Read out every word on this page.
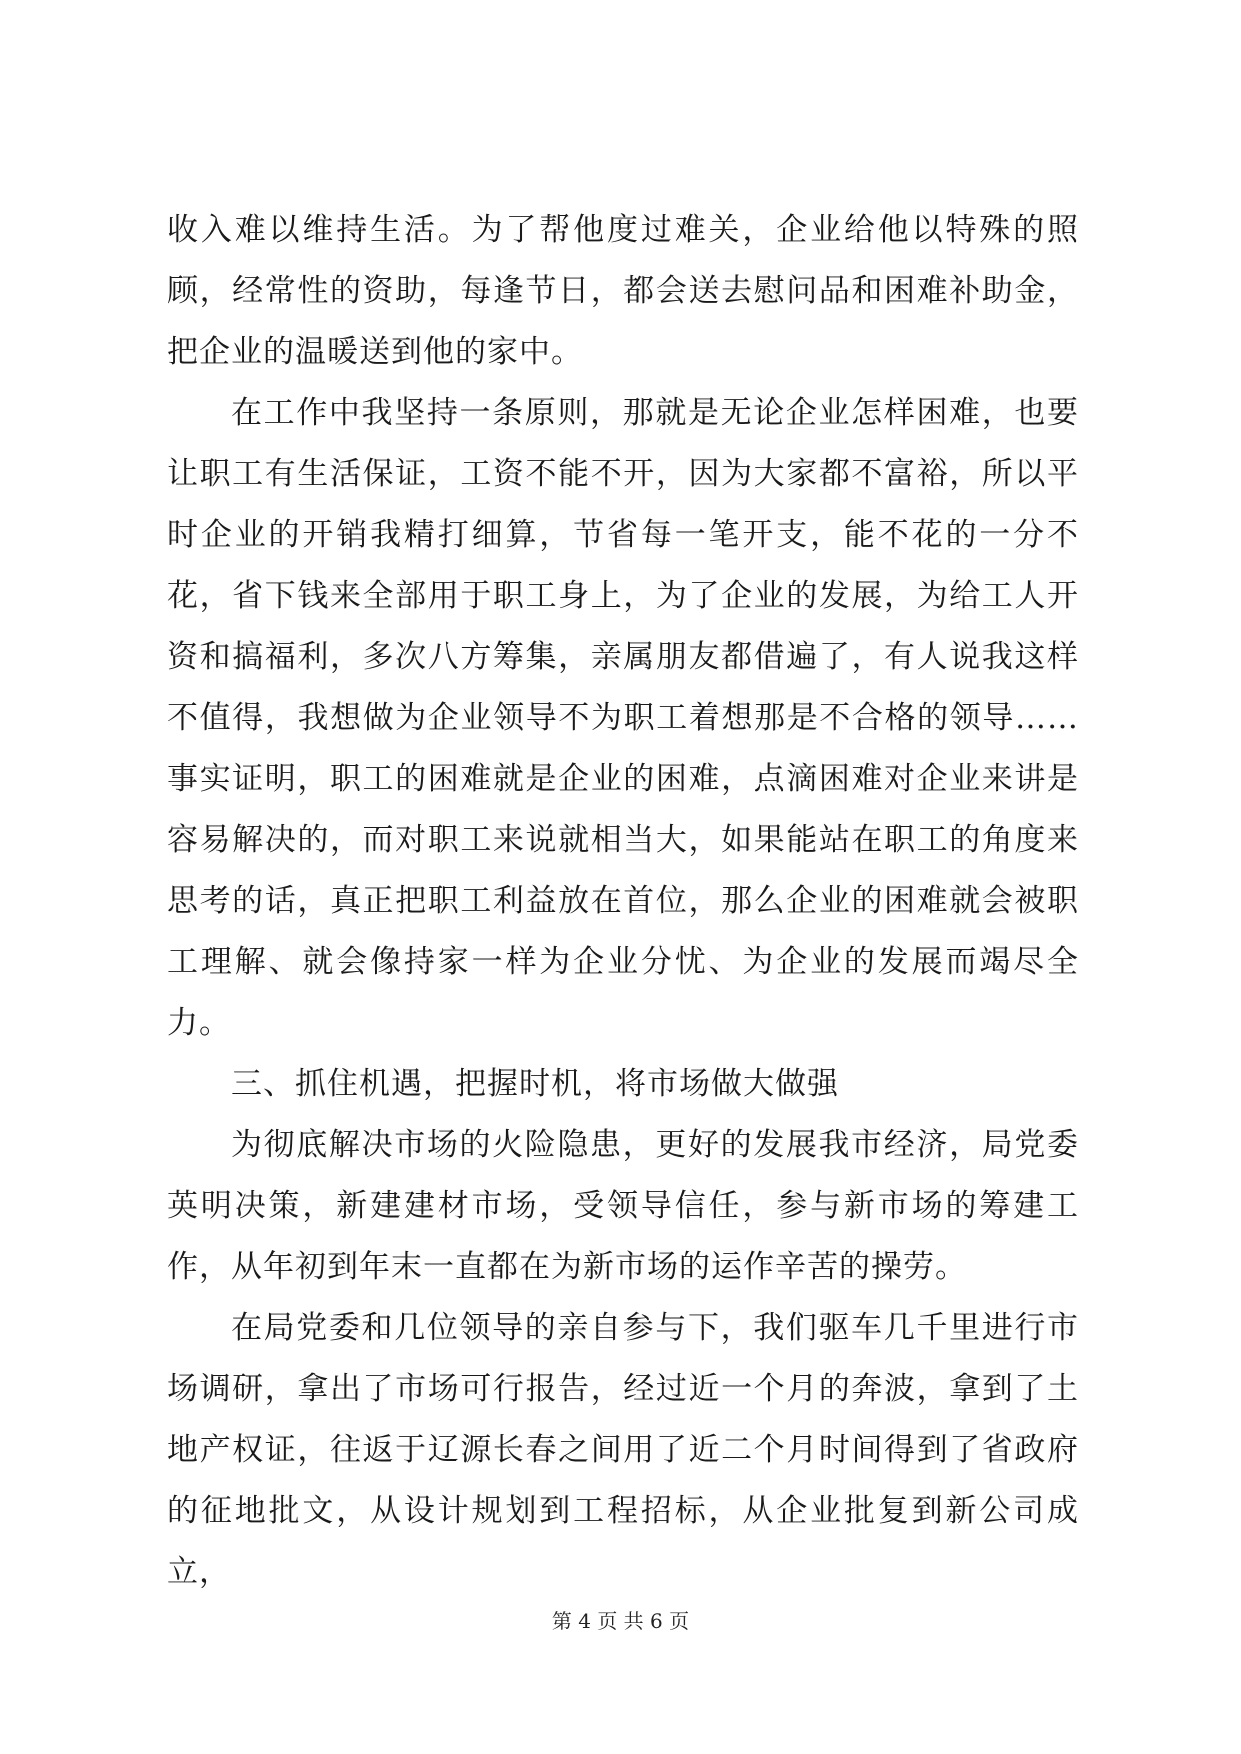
收入难以维持生活。为了帮他度过难关，企业给他以特殊的照顾，经常性的资助，每逢节日，都会送去慰问品和困难补助金，把企业的温暖送到他的家中。

在工作中我坚持一条原则，那就是无论企业怎样困难，也要让职工有生活保证，工资不能不开，因为大家都不富裕，所以平时企业的开销我精打细算，节省每一笔开支，能不花的一分不花，省下钱来全部用于职工身上，为了企业的发展，为给工人开资和搞福利，多次八方筹集，亲属朋友都借遍了，有人说我这样不值得，我想做为企业领导不为职工着想那是不合格的领导……事实证明，职工的困难就是企业的困难，点滴困难对企业来讲是容易解决的，而对职工来说就相当大，如果能站在职工的角度来思考的话，真正把职工利益放在首位，那么企业的困难就会被职工理解、就会像持家一样为企业分忧、为企业的发展而竭尽全力。

三、抓住机遇，把握时机，将市场做大做强

为彻底解决市场的火险隐患，更好的发展我市经济，局党委英明决策，新建建材市场，受领导信任，参与新市场的筹建工作，从年初到年末一直都在为新市场的运作辛苦的操劳。

在局党委和几位领导的亲自参与下，我们驱车几千里进行市场调研，拿出了市场可行报告，经过近一个月的奔波，拿到了土地产权证，往返于辽源长春之间用了近二个月时间得到了省政府的征地批文，从设计规划到工程招标，从企业批复到新公司成立，

第 4 页 共 6 页
